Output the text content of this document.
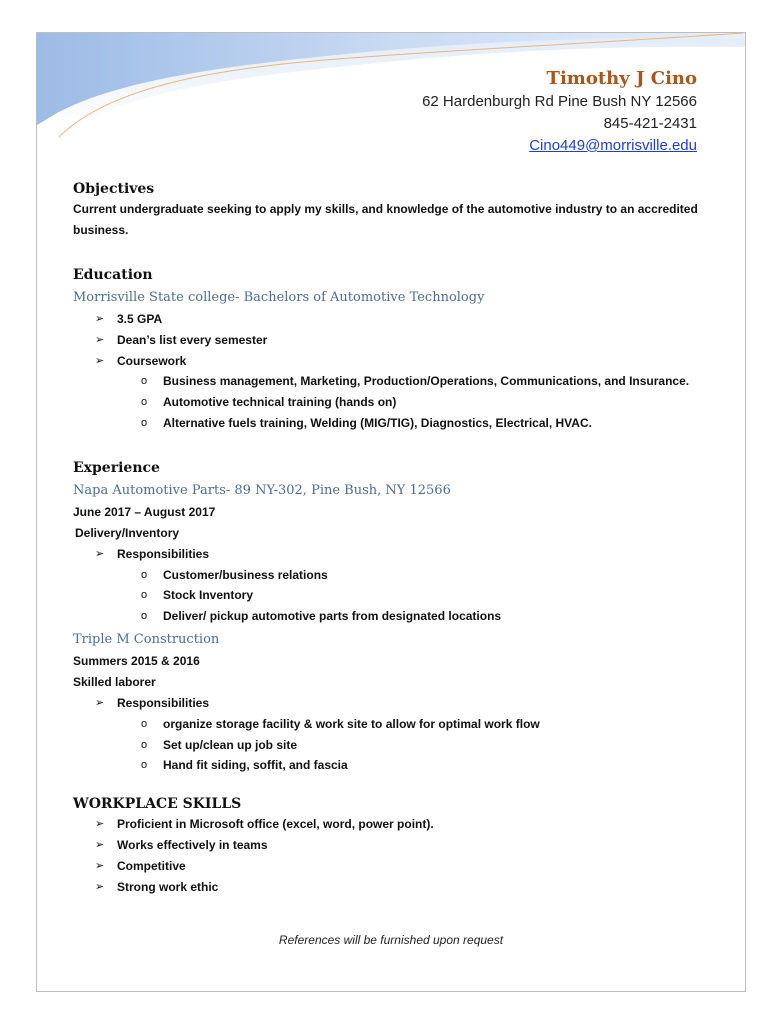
Timothy J Cino
62 Hardenburgh Rd Pine Bush NY 12566
845-421-2431
Cino449@morrisville.edu
Objectives

Current undergraduate seeking to apply my skills, and knowledge of the automotive industry to an accredited business.

Education
Morrisville State college- Bachelors of Automotive Technology
➢ 3.5 GPA
➢ Dean’s list every semester
➢ Coursework
o Business management, Marketing, Production/Operations, Communications, and Insurance.
o Automotive technical training (hands on)
o Alternative fuels training, Welding (MIG/TIG), Diagnostics, Electrical, HVAC.
Experience
Napa Automotive Parts- 89 NY-302, Pine Bush, NY 12566

June 2017 – August 2017

Delivery/Inventory

➢ Responsibilities
o Customer/business relations
o Stock Inventory
o Deliver/ pickup automotive parts from designated locations
Triple M Construction

Summers 2015 & 2016

Skilled laborer

➢ Responsibilities
o organize storage facility & work site to allow for optimal work flow
o Set up/clean up job site
o Hand fit siding, soffit, and fascia
WORKPLACE SKILLS
➢ Proficient in Microsoft office (excel, word, power point).
➢ Works effectively in teams
➢ Competitive
➢ Strong work ethic
References will be furnished upon request
